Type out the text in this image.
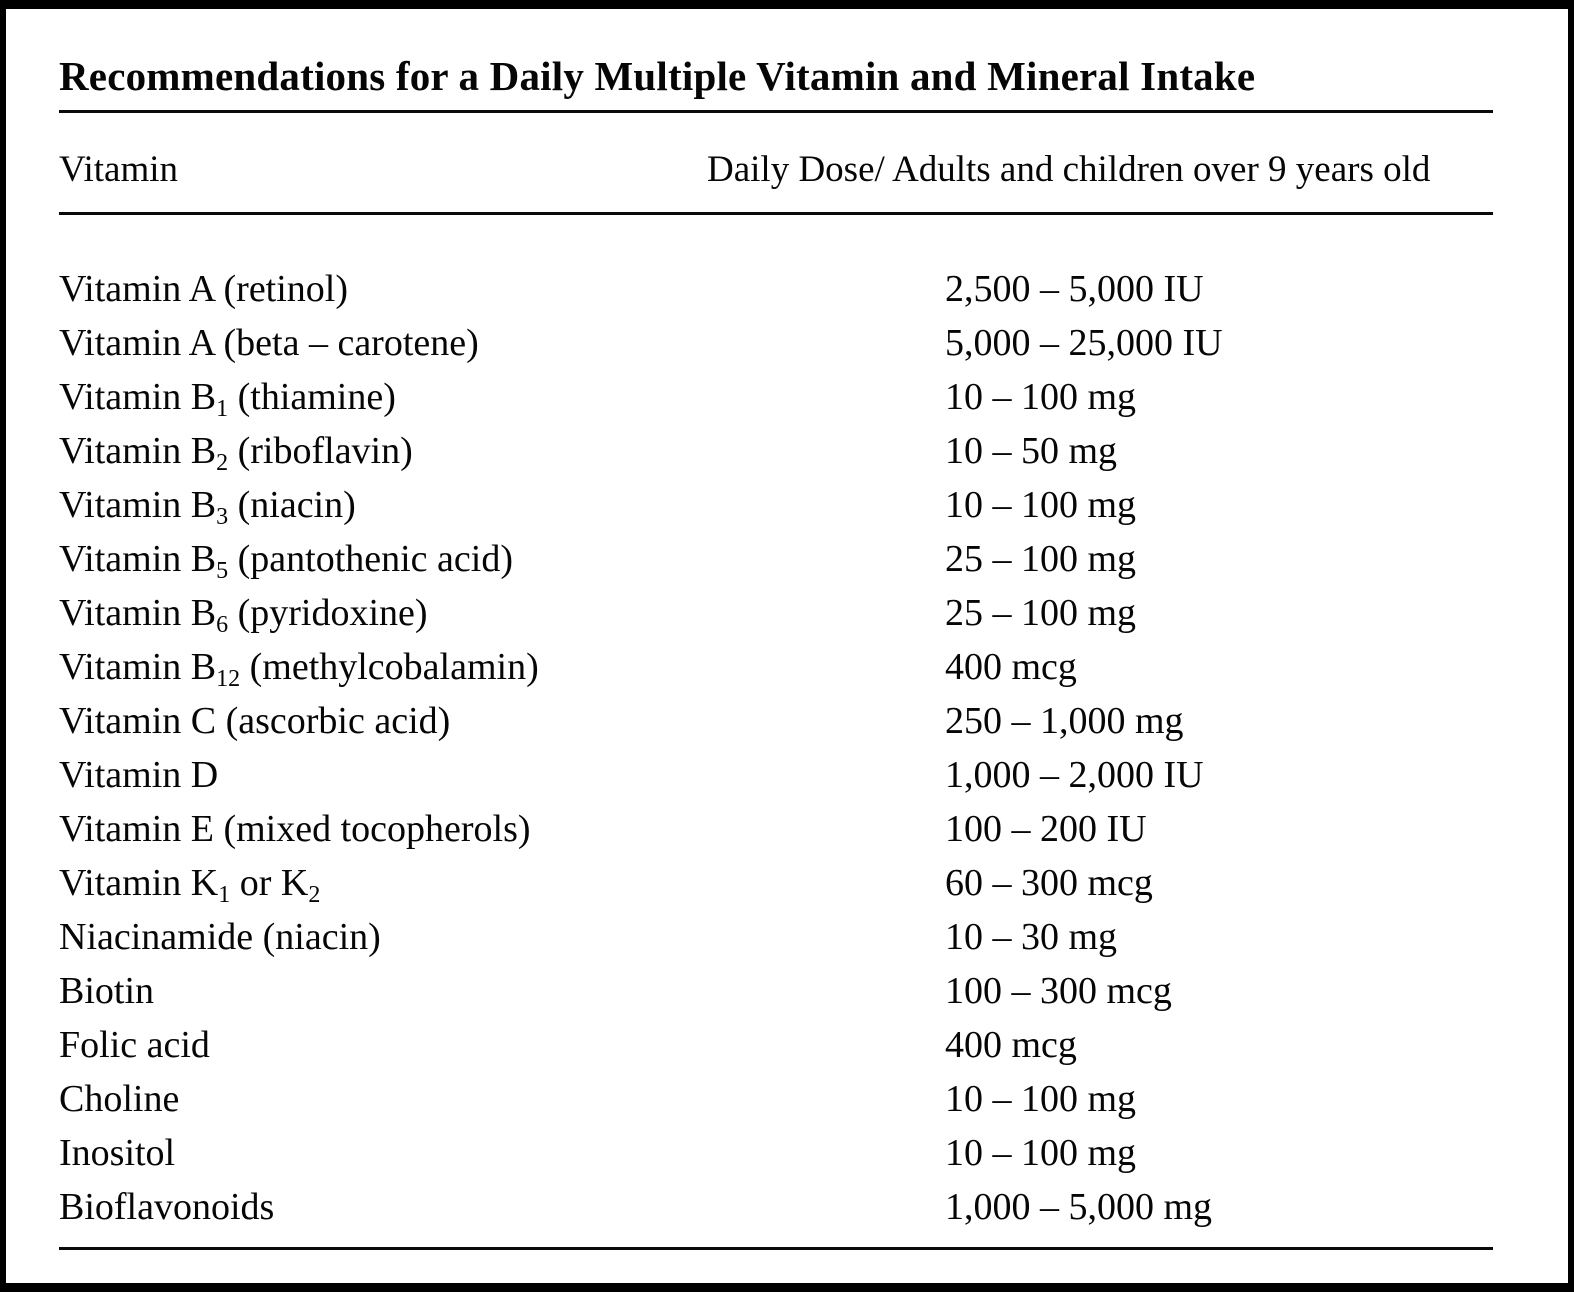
Recommendations for a Daily Multiple Vitamin and Mineral Intake
Vitamin	Daily Dose/ Adults and children over 9 years old
Vitamin A (retinol)	2,500 – 5,000 IU
Vitamin A (beta – carotene)	5,000 – 25,000 IU
Vitamin $B_1$ (thiamine)	10 – 100 mg
Vitamin $B_2$ (riboflavin)	10 – 50 mg
Vitamin $B_3$ (niacin)	10 – 100 mg
Vitamin $B_5$ (pantothenic acid)	25 – 100 mg
Vitamin $B_6$ (pyridoxine)	25 – 100 mg
Vitamin $B_{12}$ (methylcobalamin)	400 mcg
Vitamin C (ascorbic acid)	250 – 1,000 mg
Vitamin D	1,000 – 2,000 IU
Vitamin E (mixed tocopherols)	100 – 200 IU
Vitamin $K_1$ or $K_2$	60 – 300 mcg
Niacinamide (niacin)	10 – 30 mg
Biotin	100 – 300 mcg
Folic acid	400 mcg
Choline	10 – 100 mg
Inositol	10 – 100 mg
Bioflavonoids	1,000 – 5,000 mg
